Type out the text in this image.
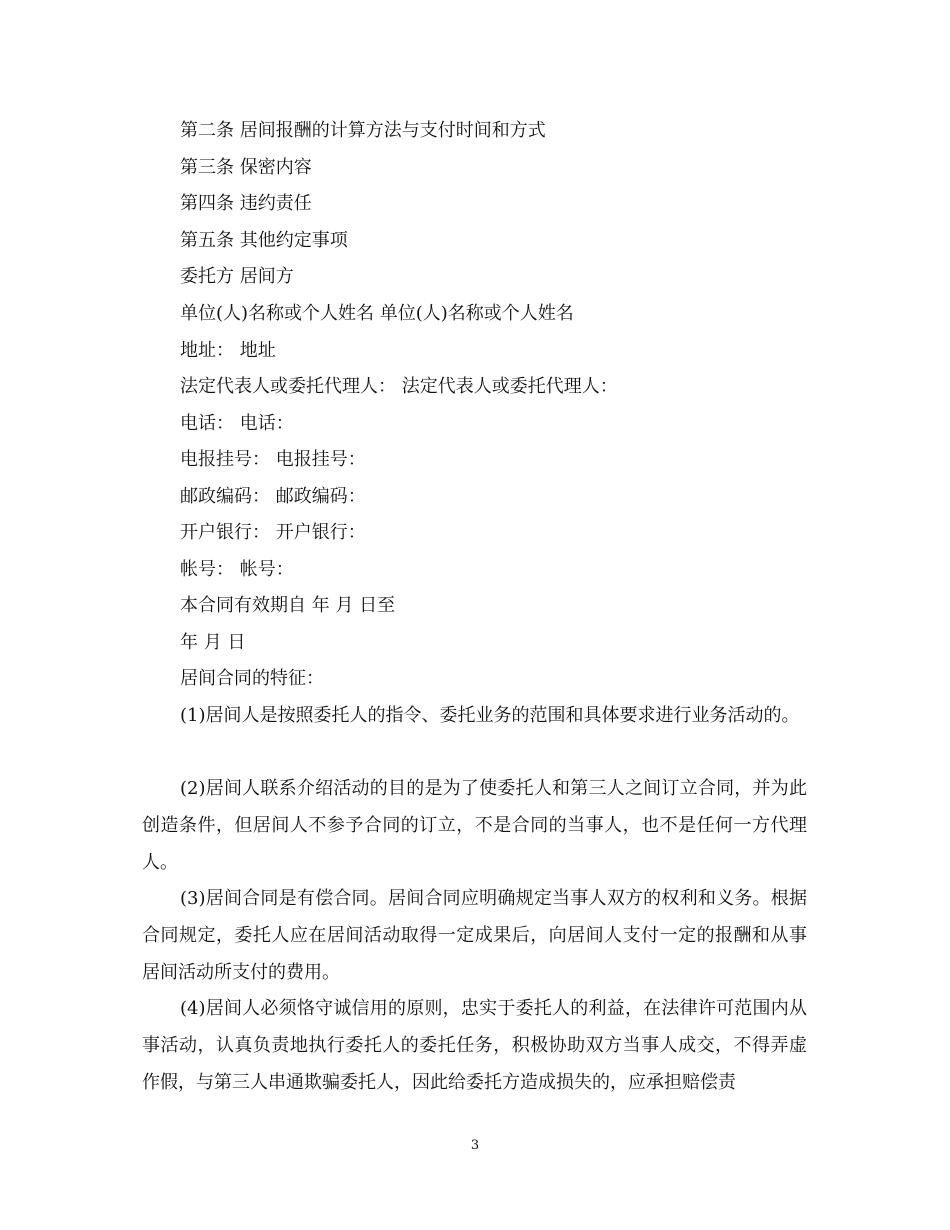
第二条 居间报酬的计算方法与支付时间和方式

第三条 保密内容

第四条 违约责任

第五条 其他约定事项

委托方 居间方

单位(人)名称或个人姓名 单位(人)名称或个人姓名

地址： 地址

法定代表人或委托代理人： 法定代表人或委托代理人：

电话： 电话：

电报挂号： 电报挂号：

邮政编码： 邮政编码：

开户银行： 开户银行：

帐号： 帐号：

本合同有效期自 年 月 日至

年 月 日

居间合同的特征：

(1)居间人是按照委托人的指令、委托业务的范围和具体要求进行业务活动的。

(2)居间人联系介绍活动的目的是为了使委托人和第三人之间订立合同，并为此创造条件，但居间人不参予合同的订立，不是合同的当事人，也不是任何一方代理人。

(3)居间合同是有偿合同。居间合同应明确规定当事人双方的权利和义务。根据合同规定，委托人应在居间活动取得一定成果后，向居间人支付一定的报酬和从事居间活动所支付的费用。

(4)居间人必须恪守诚信用的原则，忠实于委托人的利益，在法律许可范围内从事活动，认真负责地执行委托人的委托任务，积极协助双方当事人成交，不得弄虚作假，与第三人串通欺骗委托人，因此给委托方造成损失的，应承担赔偿责

3
